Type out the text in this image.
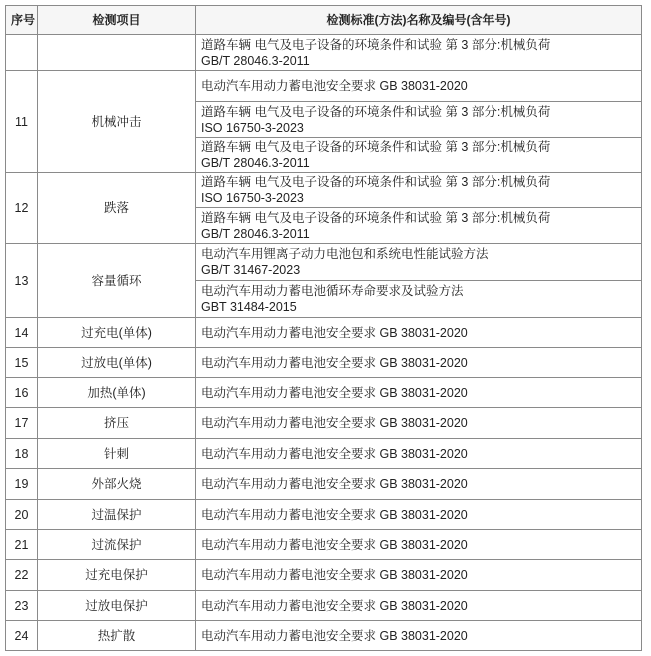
序号	检测项目	检测标准(方法)名称及编号(含年号)

		道路车辆 电气及电子设备的环境条件和试验 第 3 部分:机械负荷
GB/T 28046.3-2011

11	机械冲击	电动汽车用动力蓄电池安全要求 GB 38031-2020

		道路车辆 电气及电子设备的环境条件和试验 第 3 部分:机械负荷
ISO 16750-3-2023

		道路车辆 电气及电子设备的环境条件和试验 第 3 部分:机械负荷
GB/T 28046.3-2011

12	跌落	道路车辆 电气及电子设备的环境条件和试验 第 3 部分:机械负荷
ISO 16750-3-2023

		道路车辆 电气及电子设备的环境条件和试验 第 3 部分:机械负荷
GB/T 28046.3-2011

13	容量循环	电动汽车用锂离子动力电池包和系统电性能试验方法
GB/T 31467-2023

		电动汽车用动力蓄电池循环寿命要求及试验方法
GBT 31484-2015

14	过充电(单体)	电动汽车用动力蓄电池安全要求 GB 38031-2020

15	过放电(单体)	电动汽车用动力蓄电池安全要求 GB 38031-2020

16	加热(单体)	电动汽车用动力蓄电池安全要求 GB 38031-2020

17	挤压	电动汽车用动力蓄电池安全要求 GB 38031-2020

18	针刺	电动汽车用动力蓄电池安全要求 GB 38031-2020

19	外部火烧	电动汽车用动力蓄电池安全要求 GB 38031-2020

20	过温保护	电动汽车用动力蓄电池安全要求 GB 38031-2020

21	过流保护	电动汽车用动力蓄电池安全要求 GB 38031-2020

22	过充电保护	电动汽车用动力蓄电池安全要求 GB 38031-2020

23	过放电保护	电动汽车用动力蓄电池安全要求 GB 38031-2020

24	热扩散	电动汽车用动力蓄电池安全要求 GB 38031-2020
